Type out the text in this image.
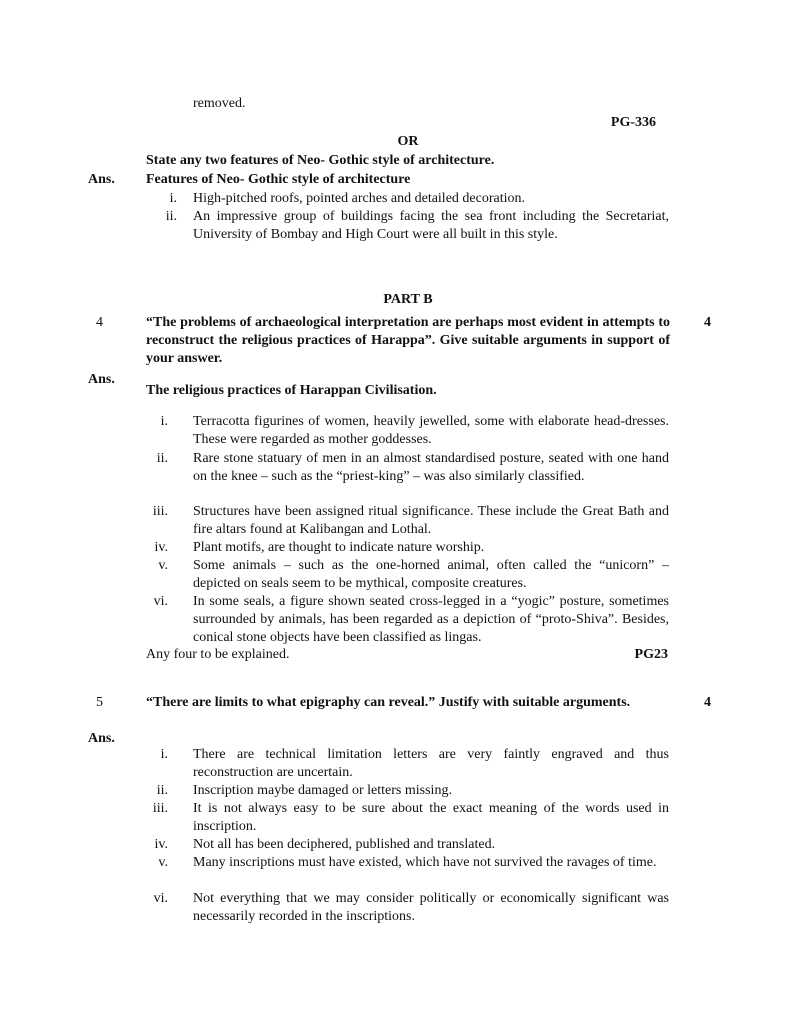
removed.
PG-336
OR
State any two features of Neo- Gothic style of architecture.
Ans. Features of Neo- Gothic style of architecture
i. High-pitched roofs, pointed arches and detailed decoration.
ii. An impressive group of buildings facing the sea front including the Secretariat, University of Bombay and High Court were all built in this style.
PART B
4	“The problems of archaeological interpretation are perhaps most evident in attempts to reconstruct the religious practices of Harappa”. Give suitable arguments in support of your answer.
4
Ans.
The religious practices of Harappan Civilisation.
i. Terracotta figurines of women, heavily jewelled, some with elaborate head-dresses. These were regarded as mother goddesses.
ii. Rare stone statuary of men in an almost standardised posture, seated with one hand on the knee – such as the “priest-king” – was also similarly classified.
iii. Structures have been assigned ritual significance. These include the Great Bath and fire altars found at Kalibangan and Lothal.
iv. Plant motifs, are thought to indicate nature worship.
v. Some animals – such as the one-horned animal, often called the “unicorn” – depicted on seals seem to be mythical, composite creatures.
vi. In some seals, a figure shown seated cross-legged in a “yogic” posture, sometimes surrounded by animals, has been regarded as a depiction of “proto-Shiva”. Besides, conical stone objects have been classified as lingas.
Any four to be explained.	PG23
5	“There are limits to what epigraphy can reveal.” Justify with suitable arguments.	4
Ans.
i. There are technical limitation letters are very faintly engraved and thus reconstruction are uncertain.
ii. Inscription maybe damaged or letters missing.
iii. It is not always easy to be sure about the exact meaning of the words used in inscription.
iv. Not all has been deciphered, published and translated.
v. Many inscriptions must have existed, which have not survived the ravages of time.
vi. Not everything that we may consider politically or economically significant was necessarily recorded in the inscriptions.
